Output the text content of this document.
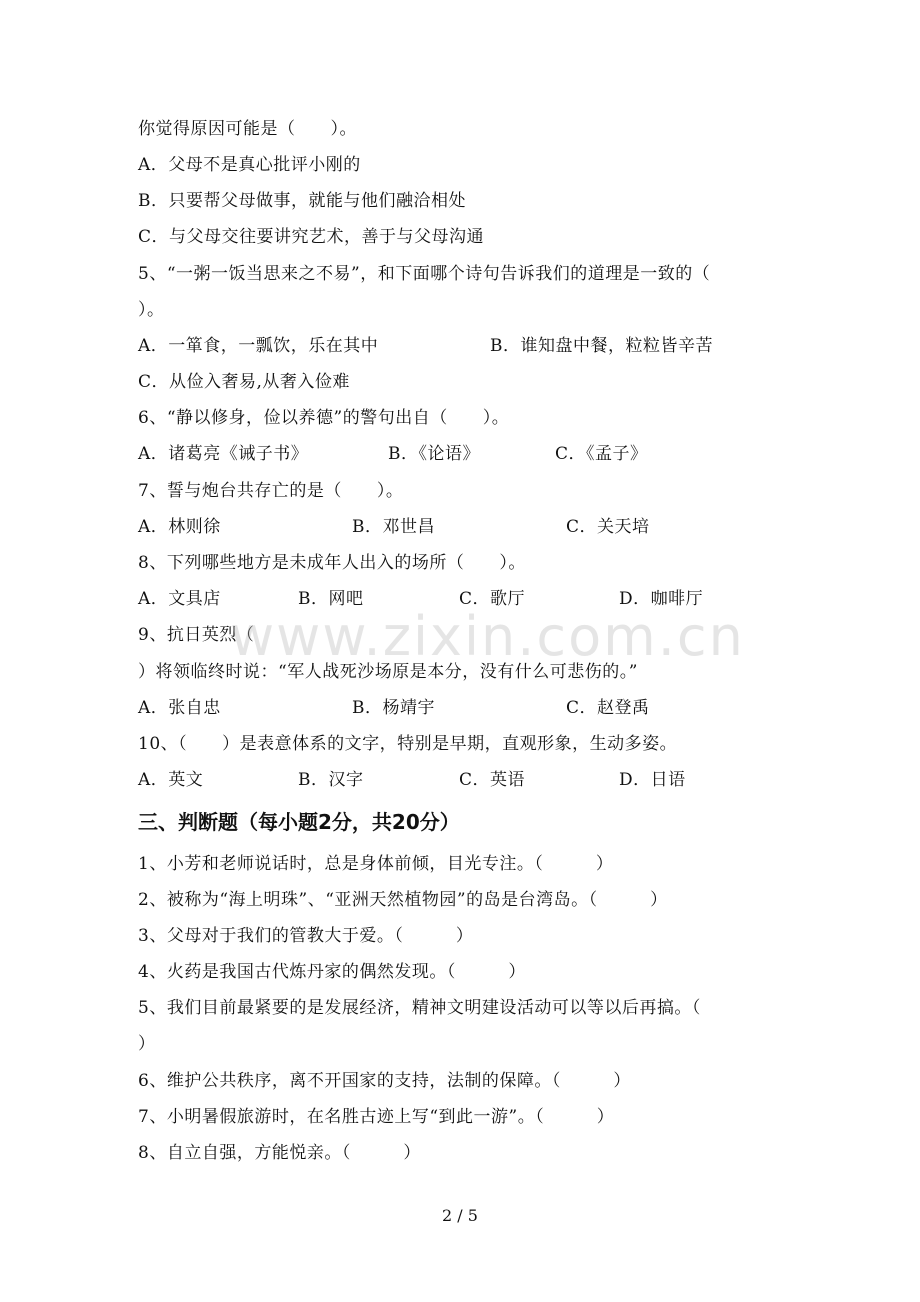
你觉得原因可能是（　　）。
A．父母不是真心批评小刚的
B．只要帮父母做事，就能与他们融洽相处
C．与父母交往要讲究艺术，善于与父母沟通
5、“一粥一饭当思来之不易”，和下面哪个诗句告诉我们的道理是一致的（
）。

A．一箪食，一瓢饮，乐在其中

	B．谁知盘中餐，粒粒皆辛苦

C．从俭入奢易,从奢入俭难
6、“静以修身，俭以养德”的警句出自（　　）。

A．诸葛亮《诫子书》

	B．《论语》

	C．《孟子》

7、誓与炮台共存亡的是（　　）。

A．林则徐

	B．邓世昌

	C．关天培

8、下列哪些地方是未成年人出入的场所（　　）。

A．文具店

	B．网吧

	C．歌厅

	D．咖啡厅

9、抗日英烈（
）将领临终时说：“军人战死沙场原是本分，没有什么可悲伤的。”

A．张自忠

	B．杨靖宇

	C．赵登禹

10、（　　）是表意体系的文字，特别是早期，直观形象，生动多姿。

A．英文

	B．汉字

	C．英语

	D．日语

三、判断题（每小题2分，共20分）
1、小芳和老师说话时，总是身体前倾，目光专注。（　　　）
2、被称为“海上明珠”、“亚洲天然植物园”的岛是台湾岛。（　　　）
3、父母对于我们的管教大于爱。（　　　）
4、火药是我国古代炼丹家的偶然发现。（　　　）
5、我们目前最紧要的是发展经济，精神文明建设活动可以等以后再搞。（
）
6、维护公共秩序，离不开国家的支持，法制的保障。（　　　）
7、小明暑假旅游时，在名胜古迹上写“到此一游”。（　　　）
8、自立自强，方能悦亲。（　　　）
www.zixin.com.cn
2 / 5
